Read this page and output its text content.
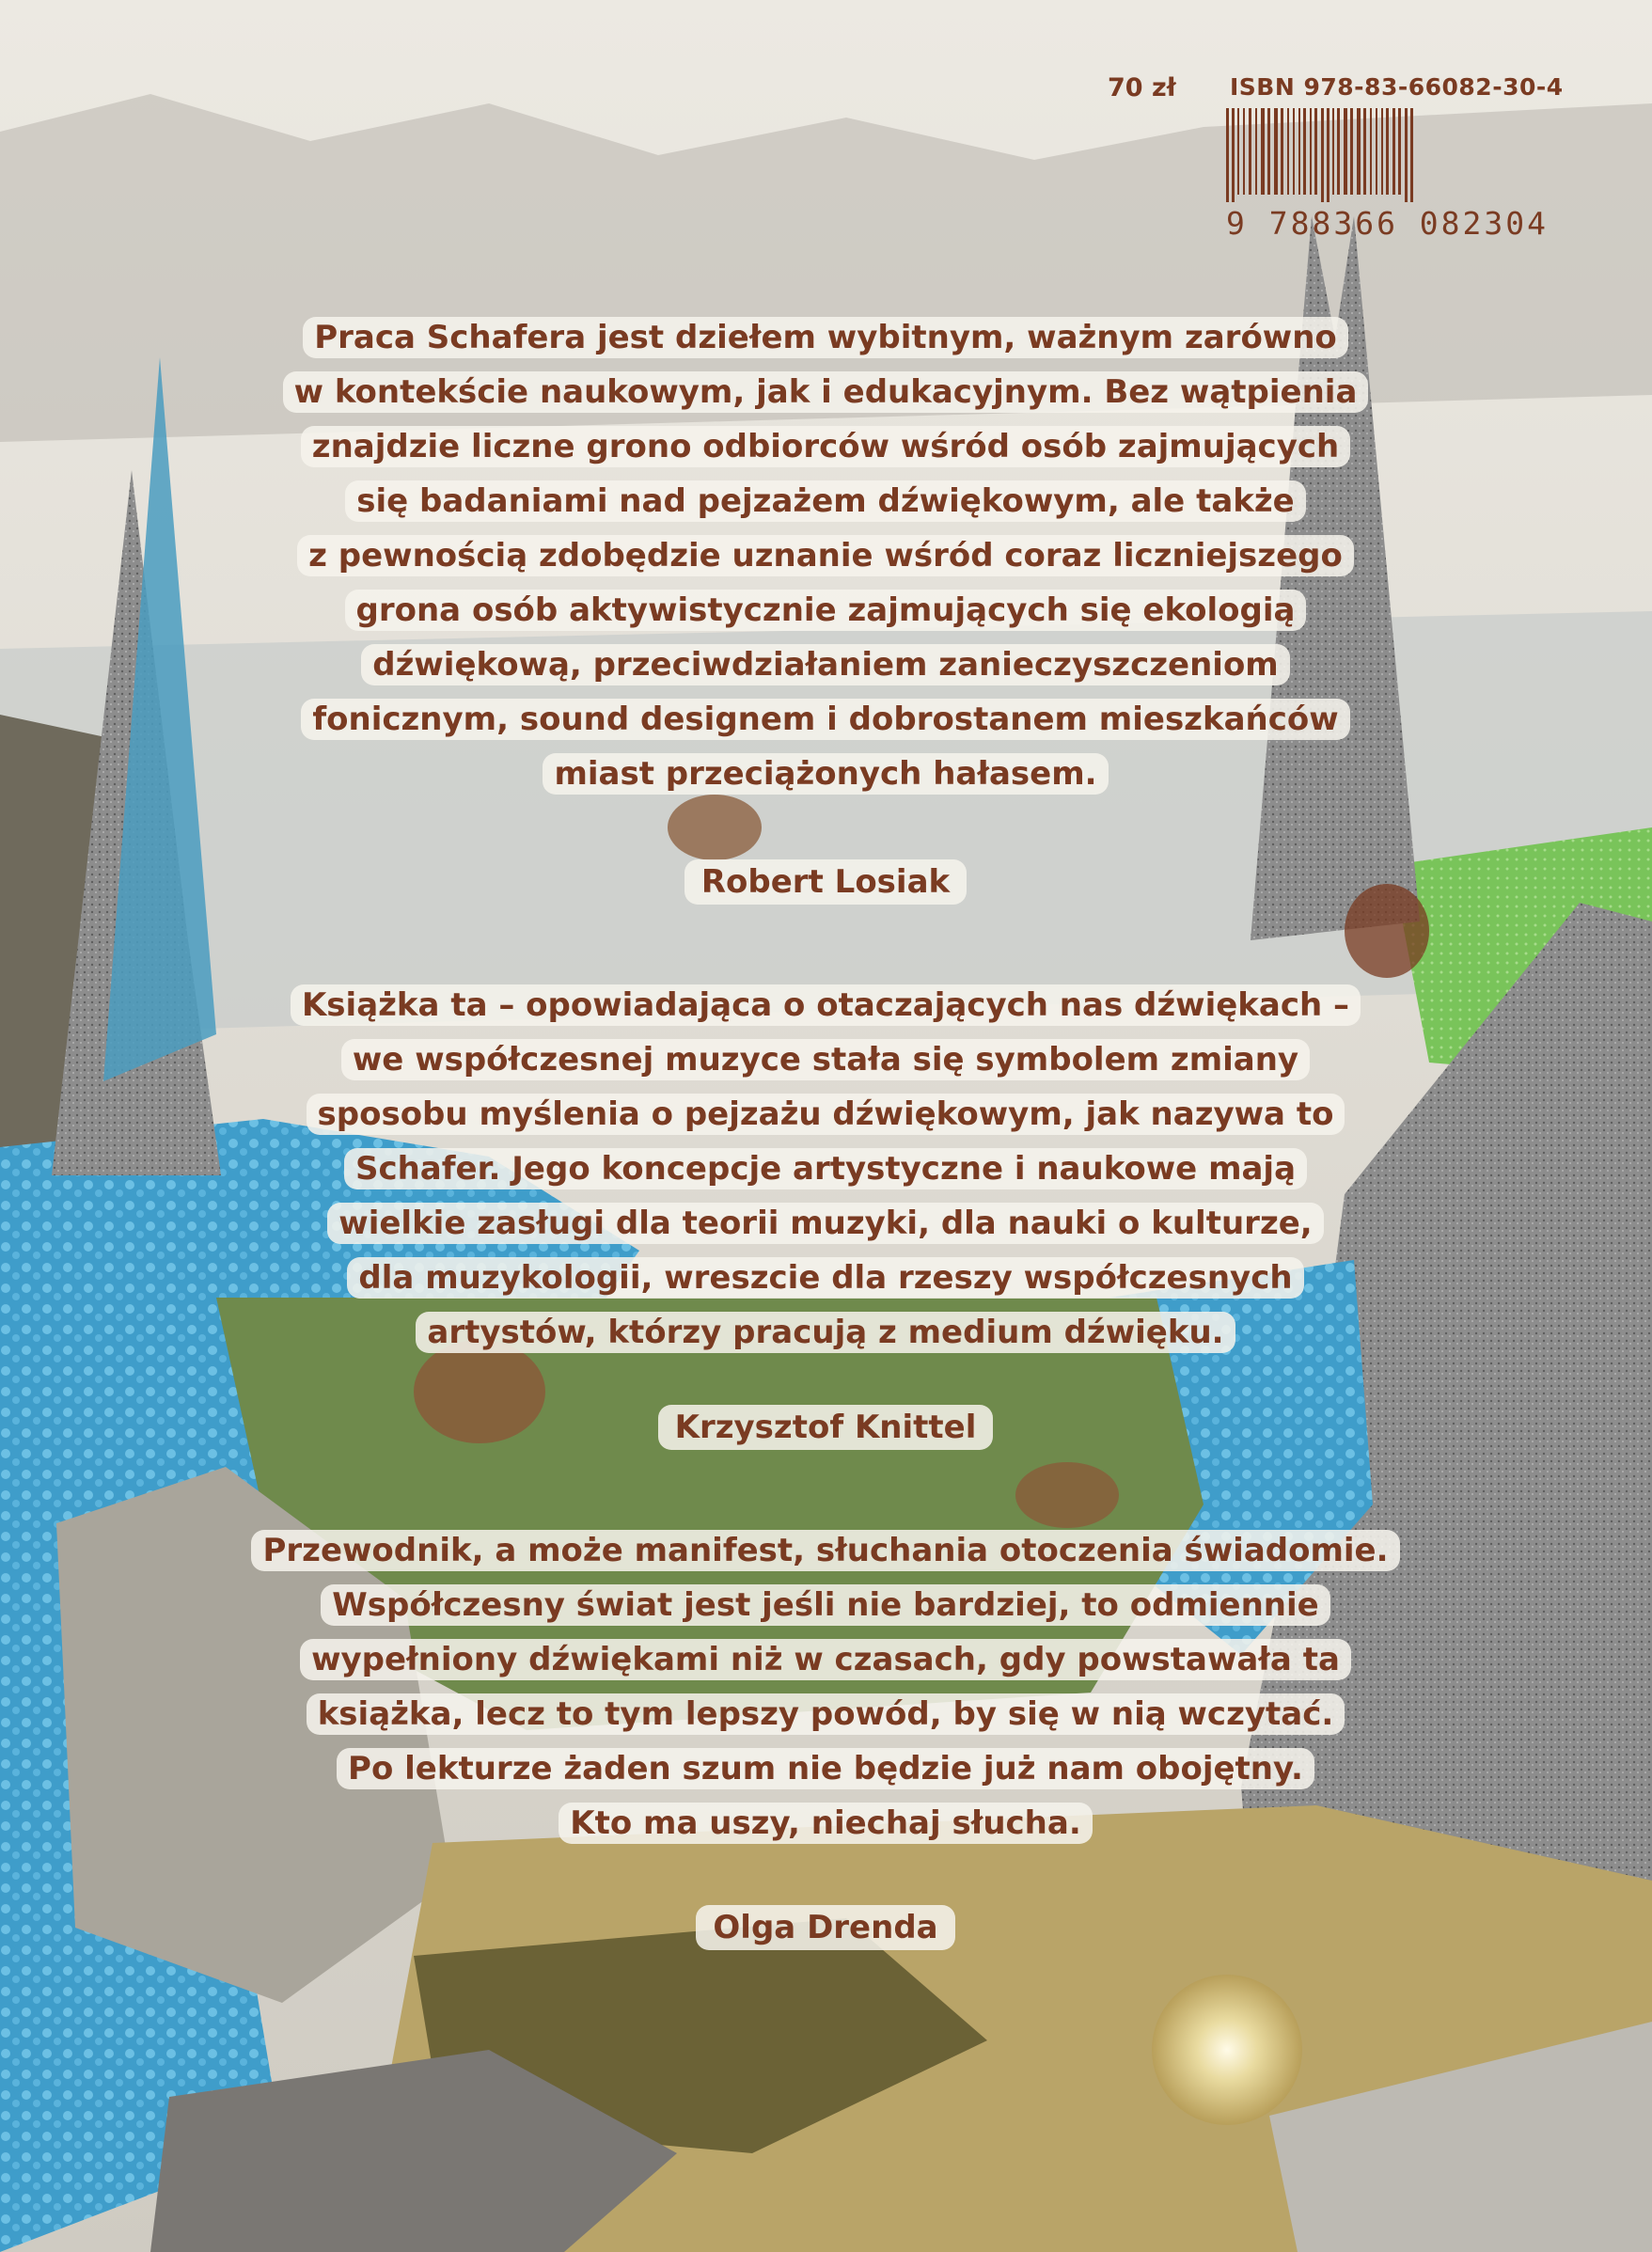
70 zł ISBN 978-83-66082-30-4
9 788366 082304

Praca Schafera jest dziełem wybitnym, ważnym zarówno
w kontekście naukowym, jak i edukacyjnym. Bez wątpienia
znajdzie liczne grono odbiorców wśród osób zajmujących
się badaniami nad pejzażem dźwiękowym, ale także
z pewnością zdobędzie uznanie wśród coraz liczniejszego
grona osób aktywistycznie zajmujących się ekologią
dźwiękową, przeciwdziałaniem zanieczyszczeniom
fonicznym, sound designem i dobrostanem mieszkańców
miast przeciążonych hałasem.

Robert Losiak

Książka ta – opowiadająca o otaczających nas dźwiękach –
we współczesnej muzyce stała się symbolem zmiany
sposobu myślenia o pejzażu dźwiękowym, jak nazywa to
Schafer. Jego koncepcje artystyczne i naukowe mają
wielkie zasługi dla teorii muzyki, dla nauki o kulturze,
dla muzykologii, wreszcie dla rzeszy współczesnych
artystów, którzy pracują z medium dźwięku.

Krzysztof Knittel

Przewodnik, a może manifest, słuchania otoczenia świadomie.
Współczesny świat jest jeśli nie bardziej, to odmiennie
wypełniony dźwiękami niż w czasach, gdy powstawała ta
książka, lecz to tym lepszy powód, by się w nią wczytać.
Po lekturze żaden szum nie będzie już nam obojętny.
Kto ma uszy, niechaj słucha.

Olga Drenda
